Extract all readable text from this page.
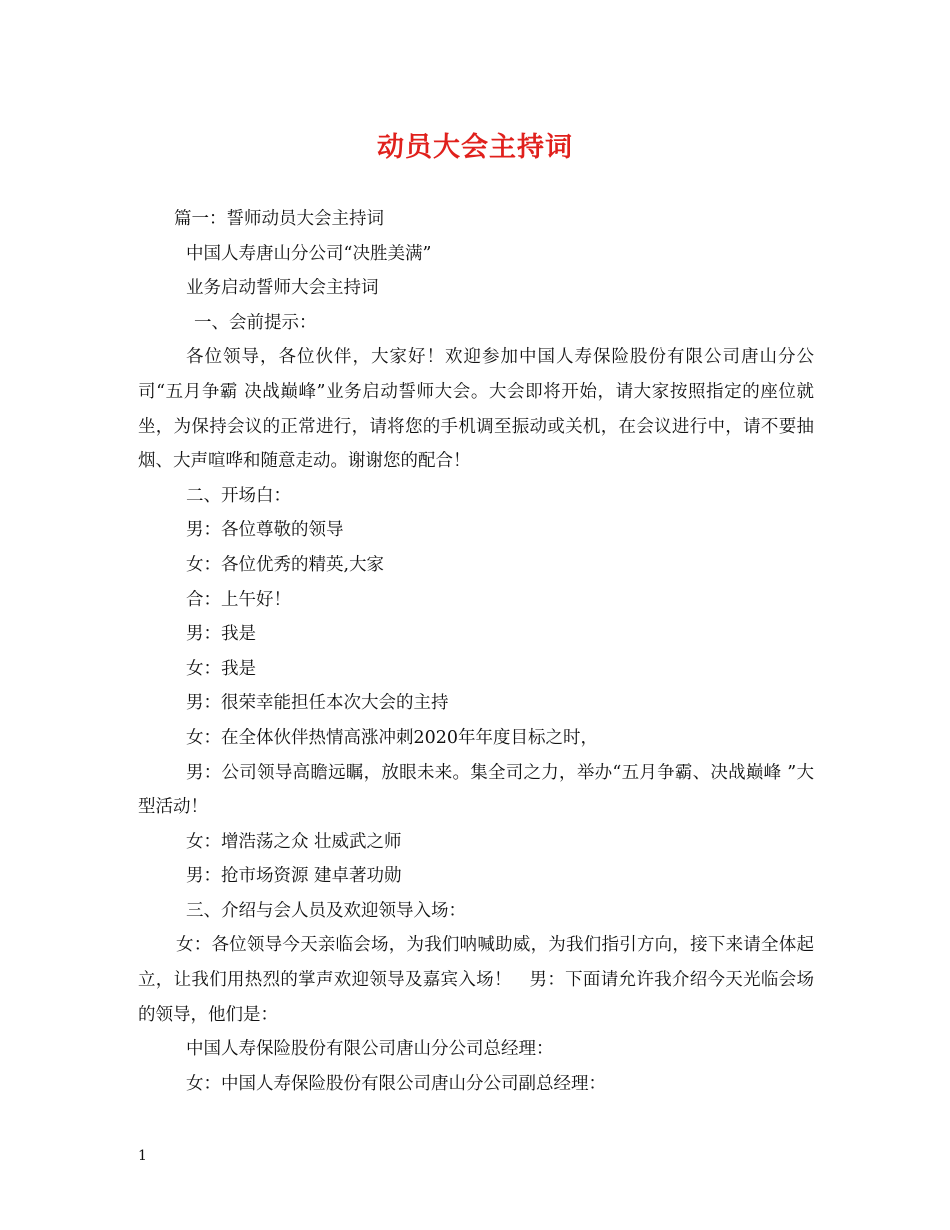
动员大会主持词

篇一：誓师动员大会主持词

中国人寿唐山分公司“决胜美满”

业务启动誓师大会主持词

一、会前提示：

各位领导，各位伙伴，大家好！欢迎参加中国人寿保险股份有限公司唐山分公司“五月争霸 决战巅峰”业务启动誓师大会。大会即将开始，请大家按照指定的座位就坐，为保持会议的正常进行，请将您的手机调至振动或关机，在会议进行中，请不要抽烟、大声喧哗和随意走动。谢谢您的配合！

二、开场白：

男：各位尊敬的领导

女：各位优秀的精英,大家

合：上午好！

男：我是

女：我是

男：很荣幸能担任本次大会的主持

女：在全体伙伴热情高涨冲刺2020年年度目标之时，

男：公司领导高瞻远瞩，放眼未来。集全司之力，举办“五月争霸、决战巅峰 ”大型活动！

女：增浩荡之众 壮威武之师

男：抢市场资源 建卓著功勋

三、介绍与会人员及欢迎领导入场：

女：各位领导今天亲临会场，为我们呐喊助威，为我们指引方向，接下来请全体起立，让我们用热烈的掌声欢迎领导及嘉宾入场！　男：下面请允许我介绍今天光临会场的领导，他们是：

中国人寿保险股份有限公司唐山分公司总经理：

女：中国人寿保险股份有限公司唐山分公司副总经理：

1
